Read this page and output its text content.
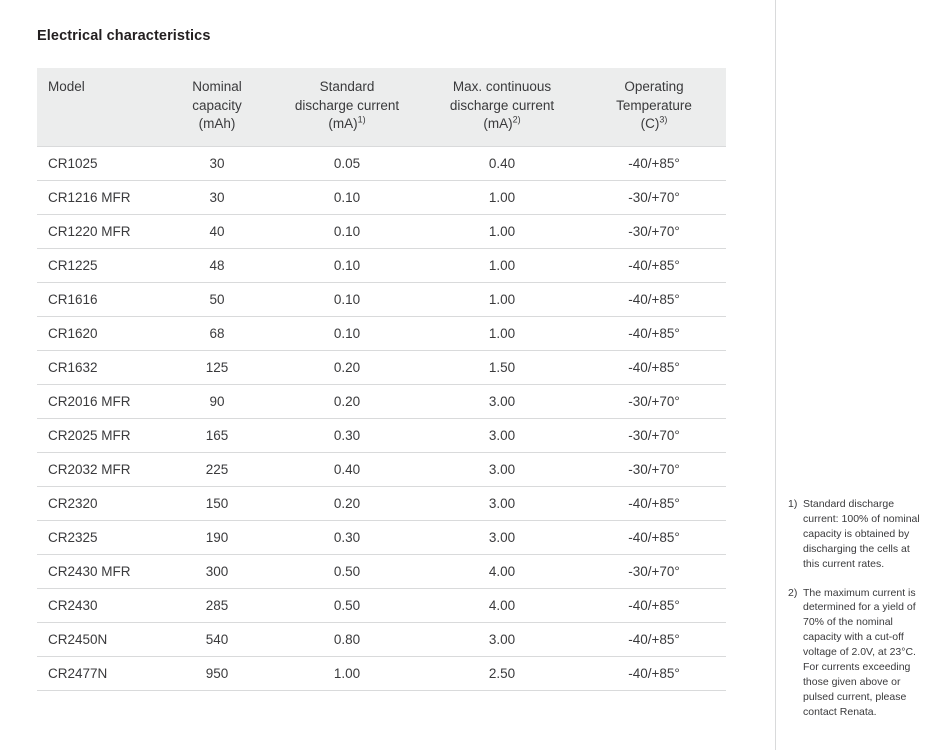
Electrical characteristics
Model	Nominal
capacity
(mAh)	Standard
discharge current
(mA)$^{1)}$	Max. continuous
discharge current
(mA)$^{2)}$	Operating
Temperature
$(C)^{3)}$

CR1025	30	0.05	0.40	-40/+85°
CR1216 MFR	30	0.10	1.00	-30/+70°
CR1220 MFR	40	0.10	1.00	-30/+70°
CR1225	48	0.10	1.00	-40/+85°
CR1616	50	0.10	1.00	-40/+85°
CR1620	68	0.10	1.00	-40/+85°
CR1632	125	0.20	1.50	-40/+85°
CR2016 MFR	90	0.20	3.00	-30/+70°
CR2025 MFR	165	0.30	3.00	-30/+70°
CR2032 MFR	225	0.40	3.00	-30/+70°
CR2320	150	0.20	3.00	-40/+85°
CR2325	190	0.30	3.00	-40/+85°
CR2430 MFR	300	0.50	4.00	-30/+70°
CR2430	285	0.50	4.00	-40/+85°
CR2450N	540	0.80	3.00	-40/+85°
CR2477N	950	1.00	2.50	-40/+85°
1) Standard discharge current: 100% of nominal capacity is obtained by discharging the cells at this current rates.
2) The maximum current is determined for a yield of 70% of the nominal capacity with a cut-off voltage of 2.0V, at 23°C. For currents exceeding those given above or pulsed current, please contact Renata.
